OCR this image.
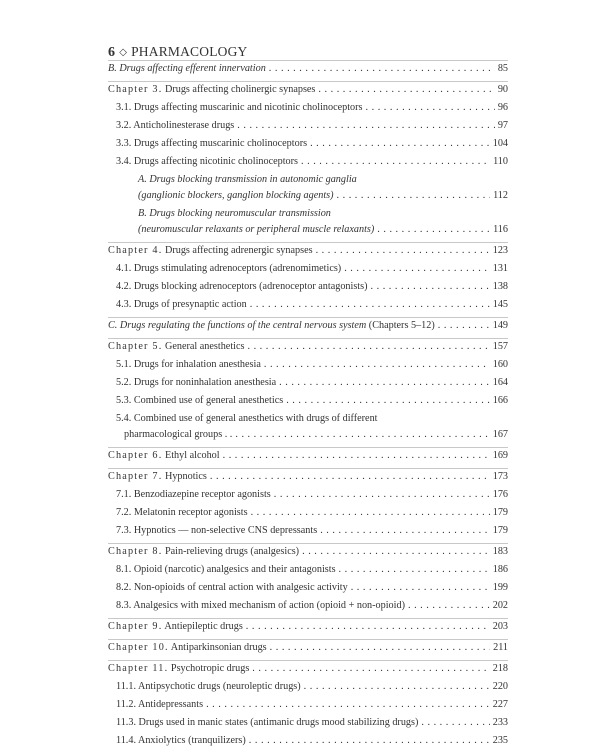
6 ◇ PHARMACOLOGY
B. Drugs affecting efferent innervation . . .	85
Chapter 3. Drugs affecting cholinergic synapses . . .	90
3.1. Drugs affecting muscarinic and nicotinic cholinoceptors . . .	96
3.2. Anticholinesterase drugs . . .	97
3.3. Drugs affecting muscarinic cholinoceptors . . .	104
3.4. Drugs affecting nicotinic cholinoceptors . . .	110
A. Drugs blocking transmission in autonomic ganglia
(ganglionic blockers, ganglion blocking agents) . . .	112
B. Drugs blocking neuromuscular transmission
(neuromuscular relaxants or peripheral muscle relaxants) . . .	116
Chapter 4. Drugs affecting adrenergic synapses . . .	123
4.1. Drugs stimulating adrenoceptors (adrenomimetics) . . .	131
4.2. Drugs blocking adrenoceptors (adrenoceptor antagonists) . . .	138
4.3. Drugs of presynaptic action . . .	145
C. Drugs regulating the functions of the central nervous system (Chapters 5–12) . . .	149
Chapter 5. General anesthetics . . .	157
5.1. Drugs for inhalation anesthesia . . .	160
5.2. Drugs for noninhalation anesthesia . . .	164
5.3. Combined use of general anesthetics . . .	166
5.4. Combined use of general anesthetics with drugs of different
pharmacological groups . . . . .	167
Chapter 6. Ethyl alcohol . . .	169
Chapter 7. Hypnotics . . .	173
7.1. Benzodiazepine receptor agonists . . .	176
7.2. Melatonin receptor agonists . . .	179
7.3. Hypnotics — non-selective CNS depressants . . .	179
Chapter 8. Pain-relieving drugs (analgesics) . . .	183
8.1. Opioid (narcotic) analgesics and their antagonists . . .	186
8.2. Non-opioids of central action with analgesic activity . . .	199
8.3. Analgesics with mixed mechanism of action (opioid + non-opioid) . . .	202
Chapter 9. Antiepileptic drugs . . .	203
Chapter 10. Antiparkinsonian drugs . . .	211
Chapter 11. Psychotropic drugs . . .	218
11.1. Antipsychotic drugs (neuroleptic drugs) . . .	220
11.2. Antidepressants . . .	227
11.3. Drugs used in manic states (antimanic drugs mood stabilizing drugs) . . .	233
11.4. Anxiolytics (tranquilizers) . . .	235
